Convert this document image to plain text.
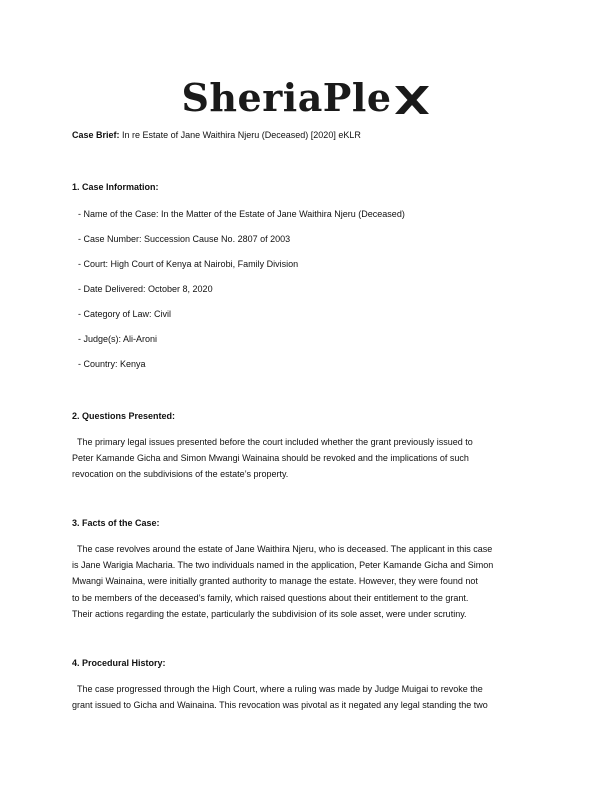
SheriaPle
Case Brief: In re Estate of Jane Waithira Njeru (Deceased) [2020] eKLR
1. Case Information:
- Name of the Case: In the Matter of the Estate of Jane Waithira Njeru (Deceased)
- Case Number: Succession Cause No. 2807 of 2003
- Court: High Court of Kenya at Nairobi, Family Division
- Date Delivered: October 8, 2020
- Category of Law: Civil
- Judge(s): Ali-Aroni
- Country: Kenya
2. Questions Presented:
The primary legal issues presented before the court included whether the grant previously issued to
Peter Kamande Gicha and Simon Mwangi Wainaina should be revoked and the implications of such
revocation on the subdivisions of the estate’s property.
3. Facts of the Case:
The case revolves around the estate of Jane Waithira Njeru, who is deceased. The applicant in this case
is Jane Warigia Macharia. The two individuals named in the application, Peter Kamande Gicha and Simon
Mwangi Wainaina, were initially granted authority to manage the estate. However, they were found not
to be members of the deceased’s family, which raised questions about their entitlement to the grant.
Their actions regarding the estate, particularly the subdivision of its sole asset, were under scrutiny.
4. Procedural History:
The case progressed through the High Court, where a ruling was made by Judge Muigai to revoke the
grant issued to Gicha and Wainaina. This revocation was pivotal as it negated any legal standing the two
